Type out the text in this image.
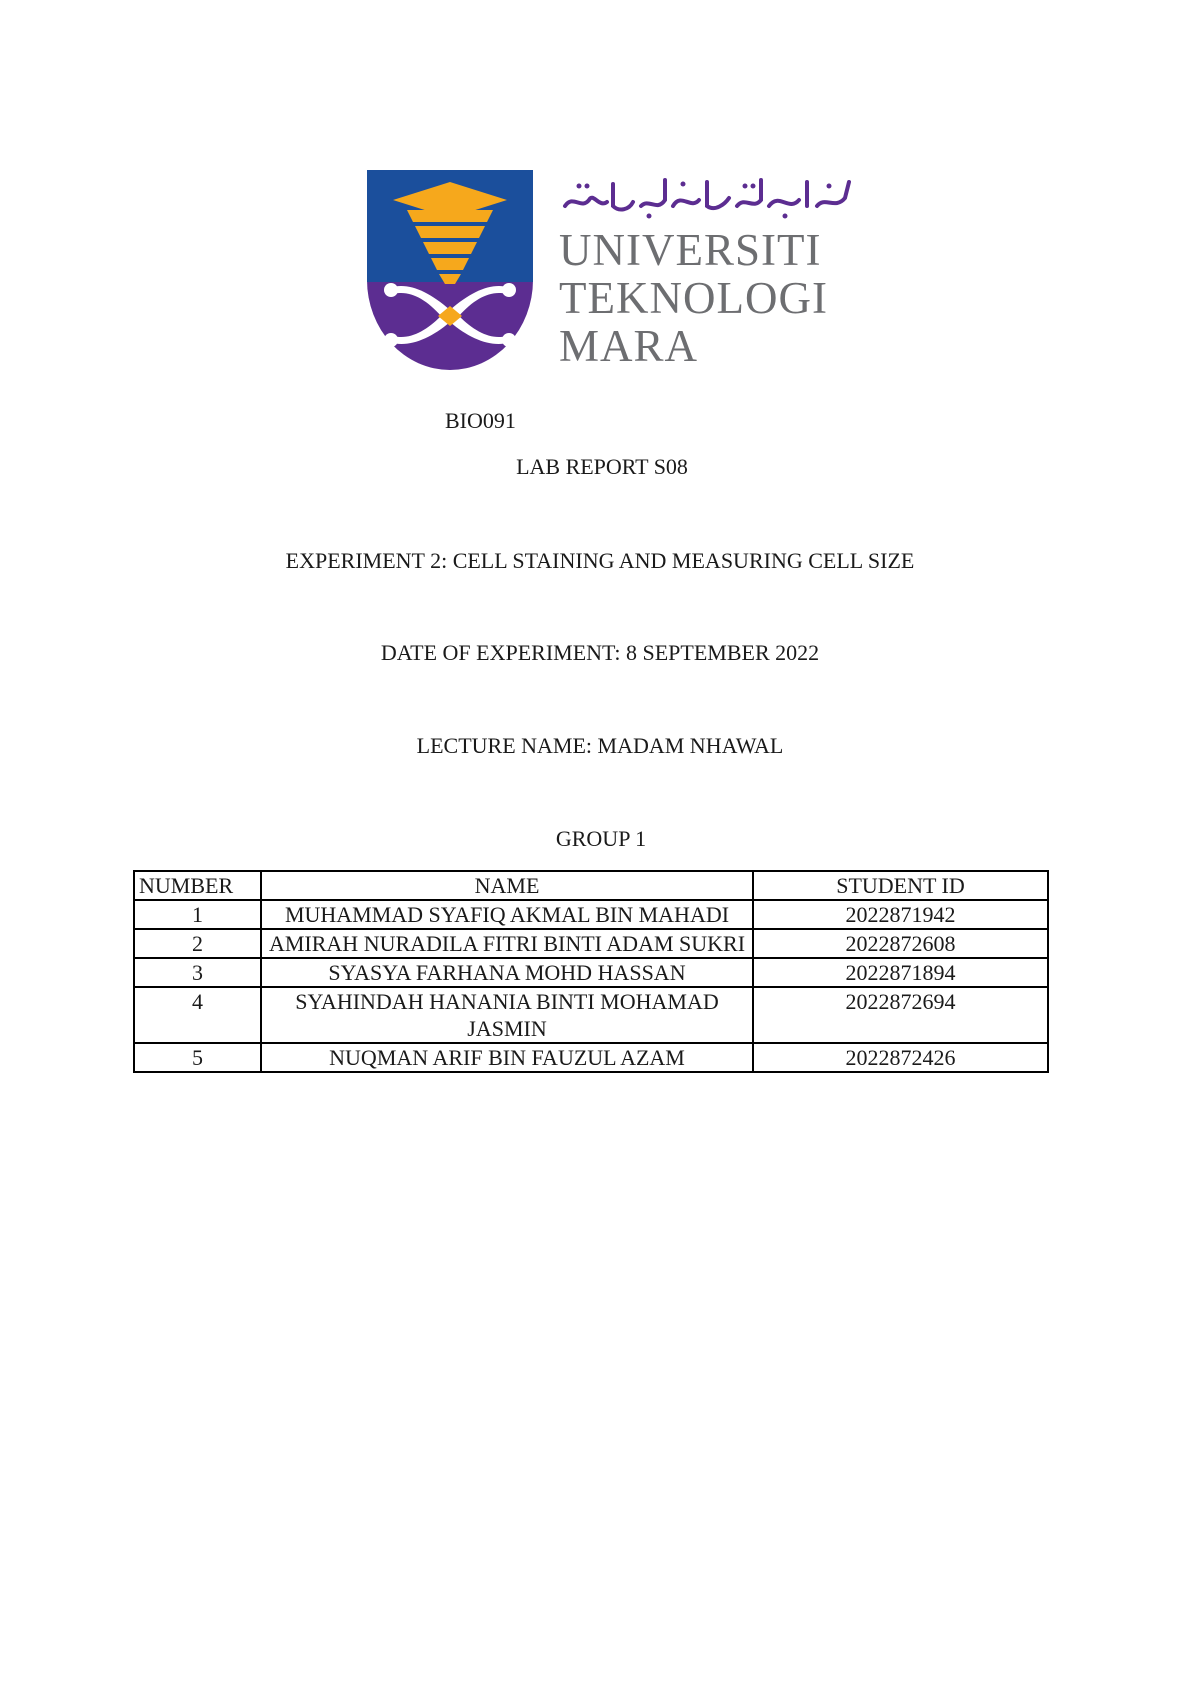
UNIVERSITI
TEKNOLOGI
MARA
BIO091
LAB REPORT S08
EXPERIMENT 2: CELL STAINING AND MEASURING CELL SIZE
DATE OF EXPERIMENT: 8 SEPTEMBER 2022
LECTURE NAME: MADAM NHAWAL
GROUP 1
NUMBER	NAME	STUDENT ID
1	MUHAMMAD SYAFIQ AKMAL BIN MAHADI	2022871942
2	AMIRAH NURADILA FITRI BINTI ADAM SUKRI	2022872608
3	SYASYA FARHANA MOHD HASSAN	2022871894
4	SYAHINDAH HANANIA BINTI MOHAMAD JASMIN	2022872694
5	NUQMAN ARIF BIN FAUZUL AZAM	2022872426
